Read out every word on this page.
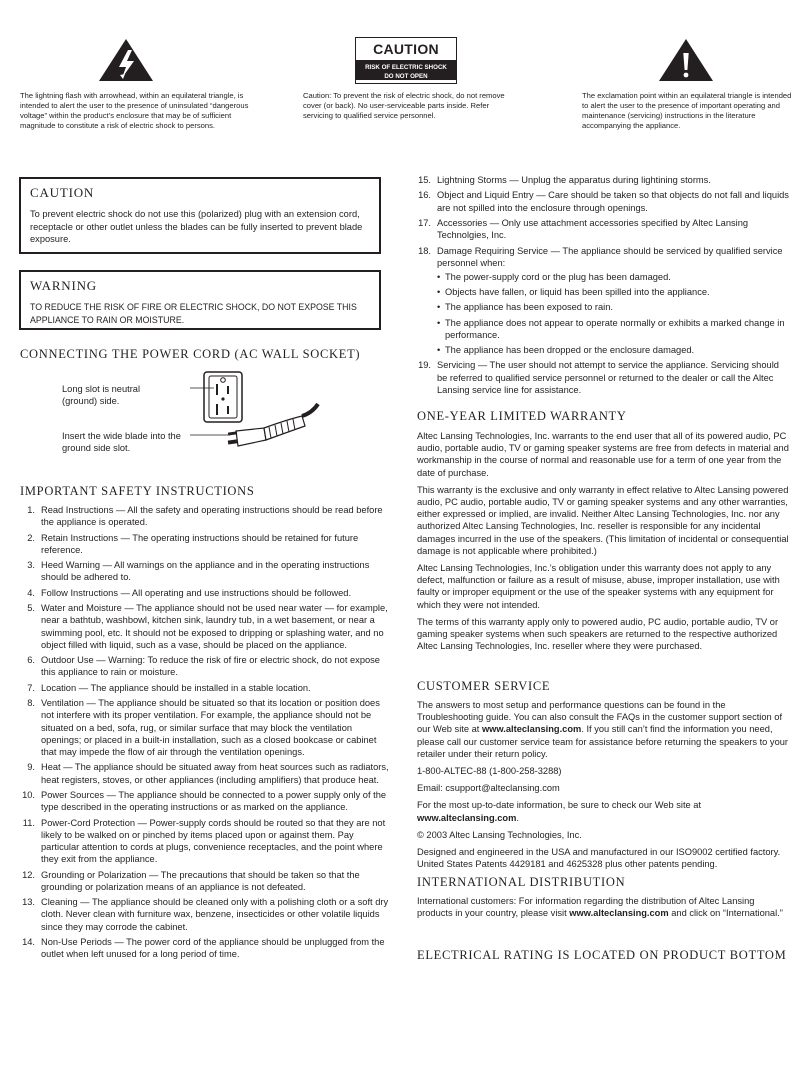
The lightning flash with arrowhead, within an equilateral triangle, is intended to alert the user to the presence of uninsulated “dangerous voltage” within the product’s enclosure that may be of sufficient magnitude to constitute a risk of electric shock to persons.
CAUTION
RISK OF ELECTRIC SHOCK
DO NOT OPEN
Caution: To prevent the risk of electric shock, do not remove cover (or back). No user-serviceable parts inside. Refer servicing to qualified service personnel.
The exclamation point within an equilateral triangle is intended to alert the user to the presence of important operating and maintenance (servicing) instructions in the literature accompanying the appliance.
CAUTION
To prevent electric shock do not use this (polarized) plug with an extension cord, receptacle or other outlet unless the blades can be fully inserted to prevent blade exposure.
WARNING
TO REDUCE THE RISK OF FIRE OR ELECTRIC SHOCK, DO NOT EXPOSE THIS APPLIANCE TO RAIN OR MOISTURE.
CONNECTING THE POWER CORD (AC WALL SOCKET)
Long slot is neutral (ground) side.
Insert the wide blade into the ground side slot.
IMPORTANT SAFETY INSTRUCTIONS
1. Read Instructions — All the safety and operating instructions should be read before the appliance is operated.
2. Retain Instructions — The operating instructions should be retained for future reference.
3. Heed Warning — All warnings on the appliance and in the operating instructions should be adhered to.
4. Follow Instructions — All operating and use instructions should be followed.
5. Water and Moisture — The appliance should not be used near water — for example, near a bathtub, washbowl, kitchen sink, laundry tub, in a wet basement, or near a swimming pool, etc. It should not be exposed to dripping or splashing water, and no object filled with liquid, such as a vase, should be placed on the appliance.
6. Outdoor Use — Warning: To reduce the risk of fire or electric shock, do not expose this appliance to rain or moisture.
7. Location — The appliance should be installed in a stable location.
8. Ventilation — The appliance should be situated so that its location or position does not interfere with its proper ventilation. For example, the appliance should not be situated on a bed, sofa, rug, or similar surface that may block the ventilation openings; or placed in a built-in installation, such as a closed bookcase or cabinet that may impede the flow of air through the ventilation openings.
9. Heat — The appliance should be situated away from heat sources such as radiators, heat registers, stoves, or other appliances (including amplifiers) that produce heat.
10. Power Sources — The appliance should be connected to a power supply only of the type described in the operating instructions or as marked on the appliance.
11. Power-Cord Protection — Power-supply cords should be routed so that they are not likely to be walked on or pinched by items placed upon or against them. Pay particular attention to cords at plugs, convenience receptacles, and the point where they exit from the appliance.
12. Grounding or Polarization — The precautions that should be taken so that the grounding or polarization means of an appliance is not defeated.
13. Cleaning — The appliance should be cleaned only with a polishing cloth or a soft dry cloth. Never clean with furniture wax, benzene, insecticides or other volatile liquids since they may corrode the cabinet.
14. Non-Use Periods — The power cord of the appliance should be unplugged from the outlet when left unused for a long period of time.
15. Lightning Storms — Unplug the apparatus during lightining storms.
16. Object and Liquid Entry — Care should be taken so that objects do not fall and liquids are not spilled into the enclosure through openings.
17. Accessories — Only use attachment accessories specified by Altec Lansing Technolgies, Inc.
18. Damage Requiring Service — The appliance should be serviced by qualified service personnel when:
• The power-supply cord or the plug has been damaged.
• Objects have fallen, or liquid has been spilled into the appliance.
• The appliance has been exposed to rain.
• The appliance does not appear to operate normally or exhibits a marked change in performance.
• The appliance has been dropped or the enclosure damaged.
19. Servicing — The user should not attempt to service the appliance. Servicing should be referred to qualified service personnel or returned to the dealer or call the Altec Lansing service line for assistance.
ONE-YEAR LIMITED WARRANTY

Altec Lansing Technologies, Inc. warrants to the end user that all of its powered audio, PC audio, portable audio, TV or gaming speaker systems are free from defects in material and workmanship in the course of normal and reasonable use for a term of one year from the date of purchase.

This warranty is the exclusive and only warranty in effect relative to Altec Lansing powered audio, PC audio, portable audio, TV or gaming speaker systems and any other warranties, either expressed or implied, are invalid. Neither Altec Lansing Technologies, Inc. nor any authorized Altec Lansing Technologies, Inc. reseller is responsible for any incidental damages incurred in the use of the speakers. (This limitation of incidental or consequential damage is not applicable where prohibited.)

Altec Lansing Technologies, Inc.’s obligation under this warranty does not apply to any defect, malfunction or failure as a result of misuse, abuse, improper installation, use with faulty or improper equipment or the use of the speaker systems with any equipment for which they were not intended.

The terms of this warranty apply only to powered audio, PC audio, portable audio, TV or gaming speaker systems when such speakers are returned to the respective authorized Altec Lansing Technologies, Inc. reseller where they were purchased.

CUSTOMER SERVICE

The answers to most setup and performance questions can be found in the Troubleshooting guide. You can also consult the FAQs in the customer support section of our Web site at www.alteclansing.com. If you still can’t find the information you need, please call our customer service team for assistance before returning the speakers to your retailer under their return policy.

1-800-ALTEC-88 (1-800-258-3288)

Email: csupport@alteclansing.com

For the most up-to-date information, be sure to check our Web site at www.alteclansing.com.

© 2003 Altec Lansing Technologies, Inc.

Designed and engineered in the USA and manufactured in our ISO9002 certified factory. United States Patents 4429181 and 4625328 plus other patents pending.

INTERNATIONAL DISTRIBUTION

International customers: For information regarding the distribution of Altec Lansing products in your country, please visit www.alteclansing.com and click on “International.”

ELECTRICAL RATING IS LOCATED ON PRODUCT BOTTOM
